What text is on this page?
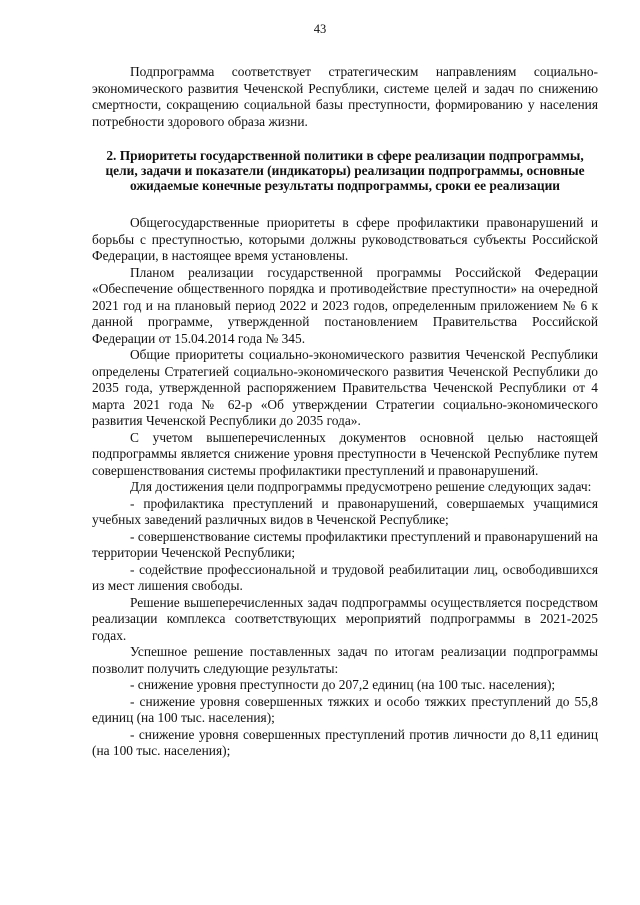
43

Подпрограмма соответствует стратегическим направлениям социально-экономического развития Чеченской Республики, системе целей и задач по снижению смертности, сокращению социальной базы преступности, формированию у населения потребности здорового образа жизни.

2. Приоритеты государственной политики в сфере реализации подпрограммы, цели, задачи и показатели (индикаторы) реализации подпрограммы, основные ожидаемые конечные результаты подпрограммы, сроки ее реализации

Общегосударственные приоритеты в сфере профилактики правонарушений и борьбы с преступностью, которыми должны руководствоваться субъекты Российской Федерации, в настоящее время установлены.

Планом реализации государственной программы Российской Федерации «Обеспечение общественного порядка и противодействие преступности» на очередной 2021 год и на плановый период 2022 и 2023 годов, определенным приложением № 6 к данной программе, утвержденной постановлением Правительства Российской Федерации от 15.04.2014 года № 345.

Общие приоритеты социально-экономического развития Чеченской Республики определены Стратегией социально-экономического развития Чеченской Республики до 2035 года, утвержденной распоряжением Правительства Чеченской Республики от 4 марта 2021 года № 62-р «Об утверждении Стратегии социально-экономического развития Чеченской Республики до 2035 года».

С учетом вышеперечисленных документов основной целью настоящей подпрограммы является снижение уровня преступности в Чеченской Республике путем совершенствования системы профилактики преступлений и правонарушений.

Для достижения цели подпрограммы предусмотрено решение следующих задач:

- профилактика преступлений и правонарушений, совершаемых учащимися учебных заведений различных видов в Чеченской Республике;

- совершенствование системы профилактики преступлений и правонарушений на территории Чеченской Республики;

- содействие профессиональной и трудовой реабилитации лиц, освободившихся из мест лишения свободы.

Решение вышеперечисленных задач подпрограммы осуществляется посредством реализации комплекса соответствующих мероприятий подпрограммы в 2021-2025 годах.

Успешное решение поставленных задач по итогам реализации подпрограммы позволит получить следующие результаты:

- снижение уровня преступности до 207,2 единиц (на 100 тыс. населения);

- снижение уровня совершенных тяжких и особо тяжких преступлений до 55,8 единиц (на 100 тыс. населения);

- снижение уровня совершенных преступлений против личности до 8,11 единиц (на 100 тыс. населения);
